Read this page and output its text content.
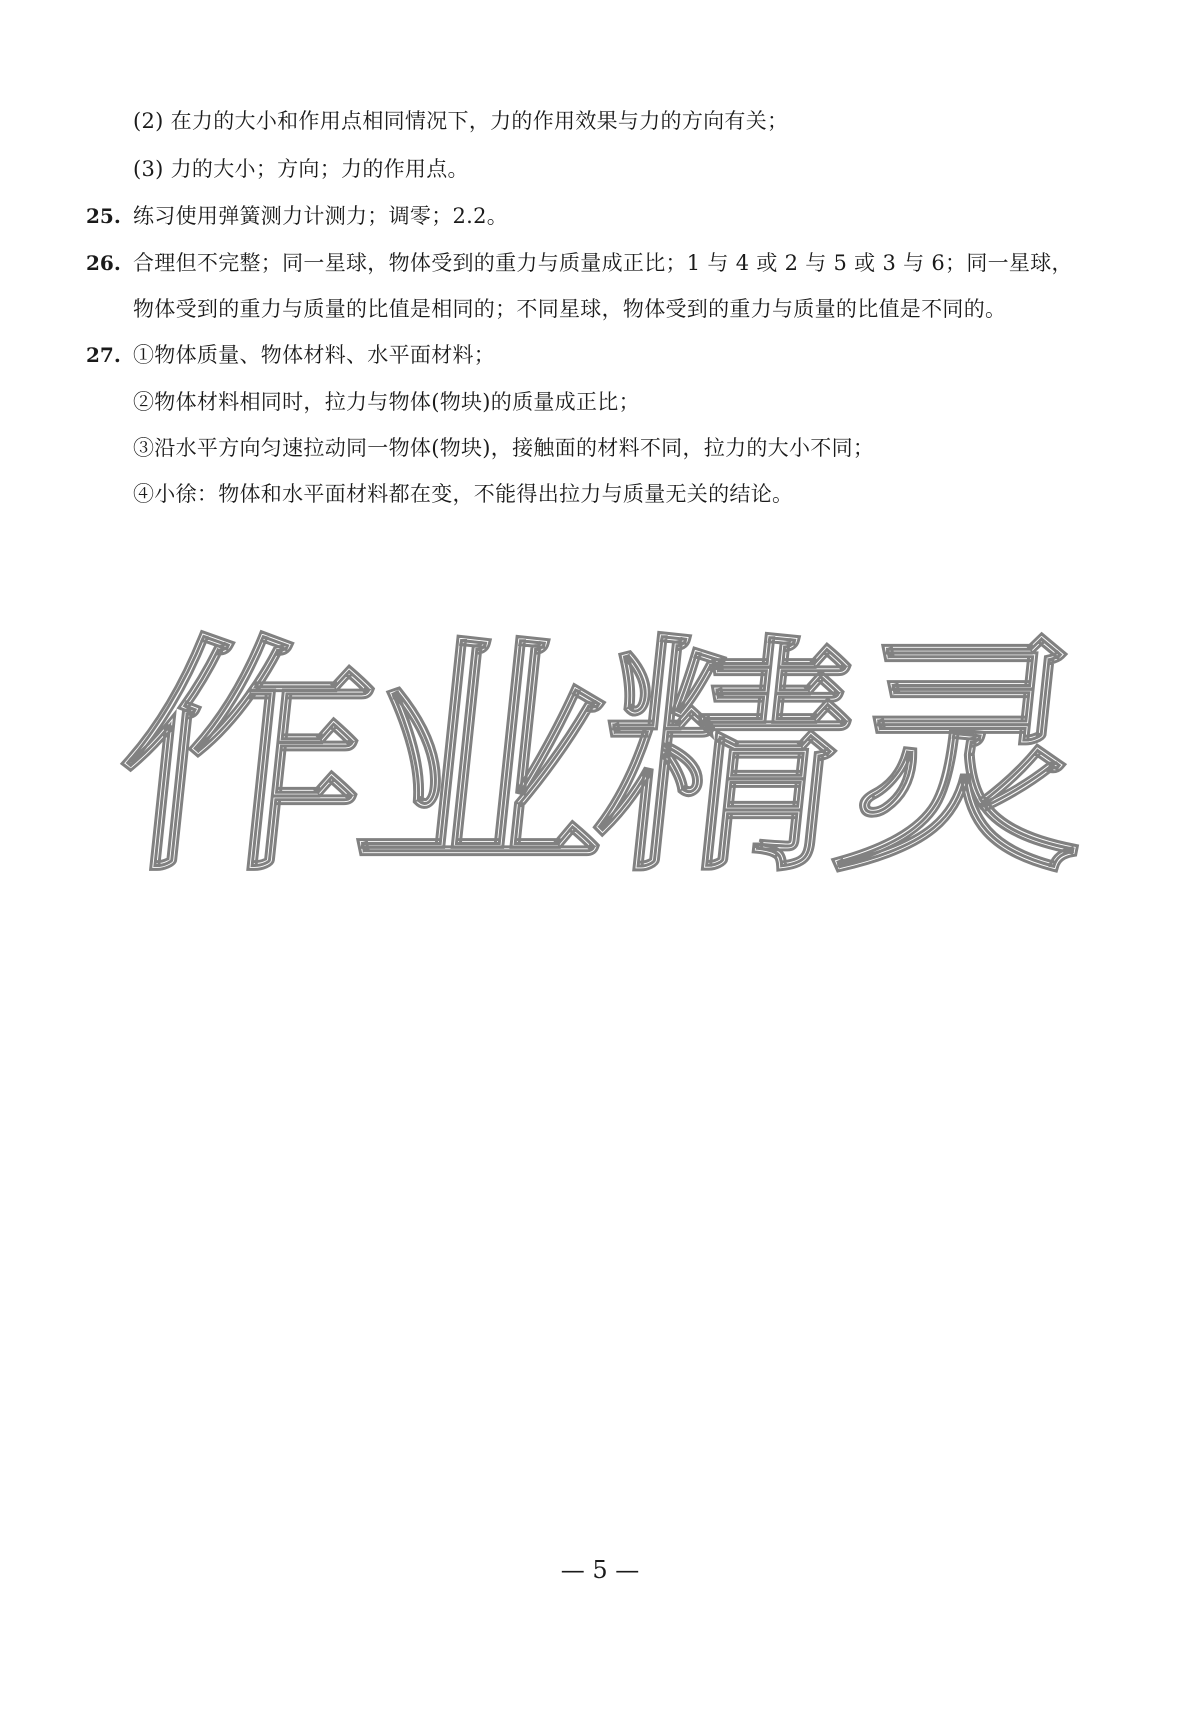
(2) 在力的大小和作用点相同情况下，力的作用效果与力的方向有关；
(3) 力的大小；方向；力的作用点。
25. 练习使用弹簧测力计测力；调零；2.2。
26. 合理但不完整；同一星球，物体受到的重力与质量成正比；1 与 4 或 2 与 5 或 3 与 6；同一星球，
物体受到的重力与质量的比值是相同的；不同星球，物体受到的重力与质量的比值是不同的。
27. ①物体质量、物体材料、水平面材料；
②物体材料相同时，拉力与物体(物块)的质量成正比；
③沿水平方向匀速拉动同一物体(物块)，接触面的材料不同，拉力的大小不同；
④小徐：物体和水平面材料都在变，不能得出拉力与质量无关的结论。
作
业
精
灵
— 5 —
